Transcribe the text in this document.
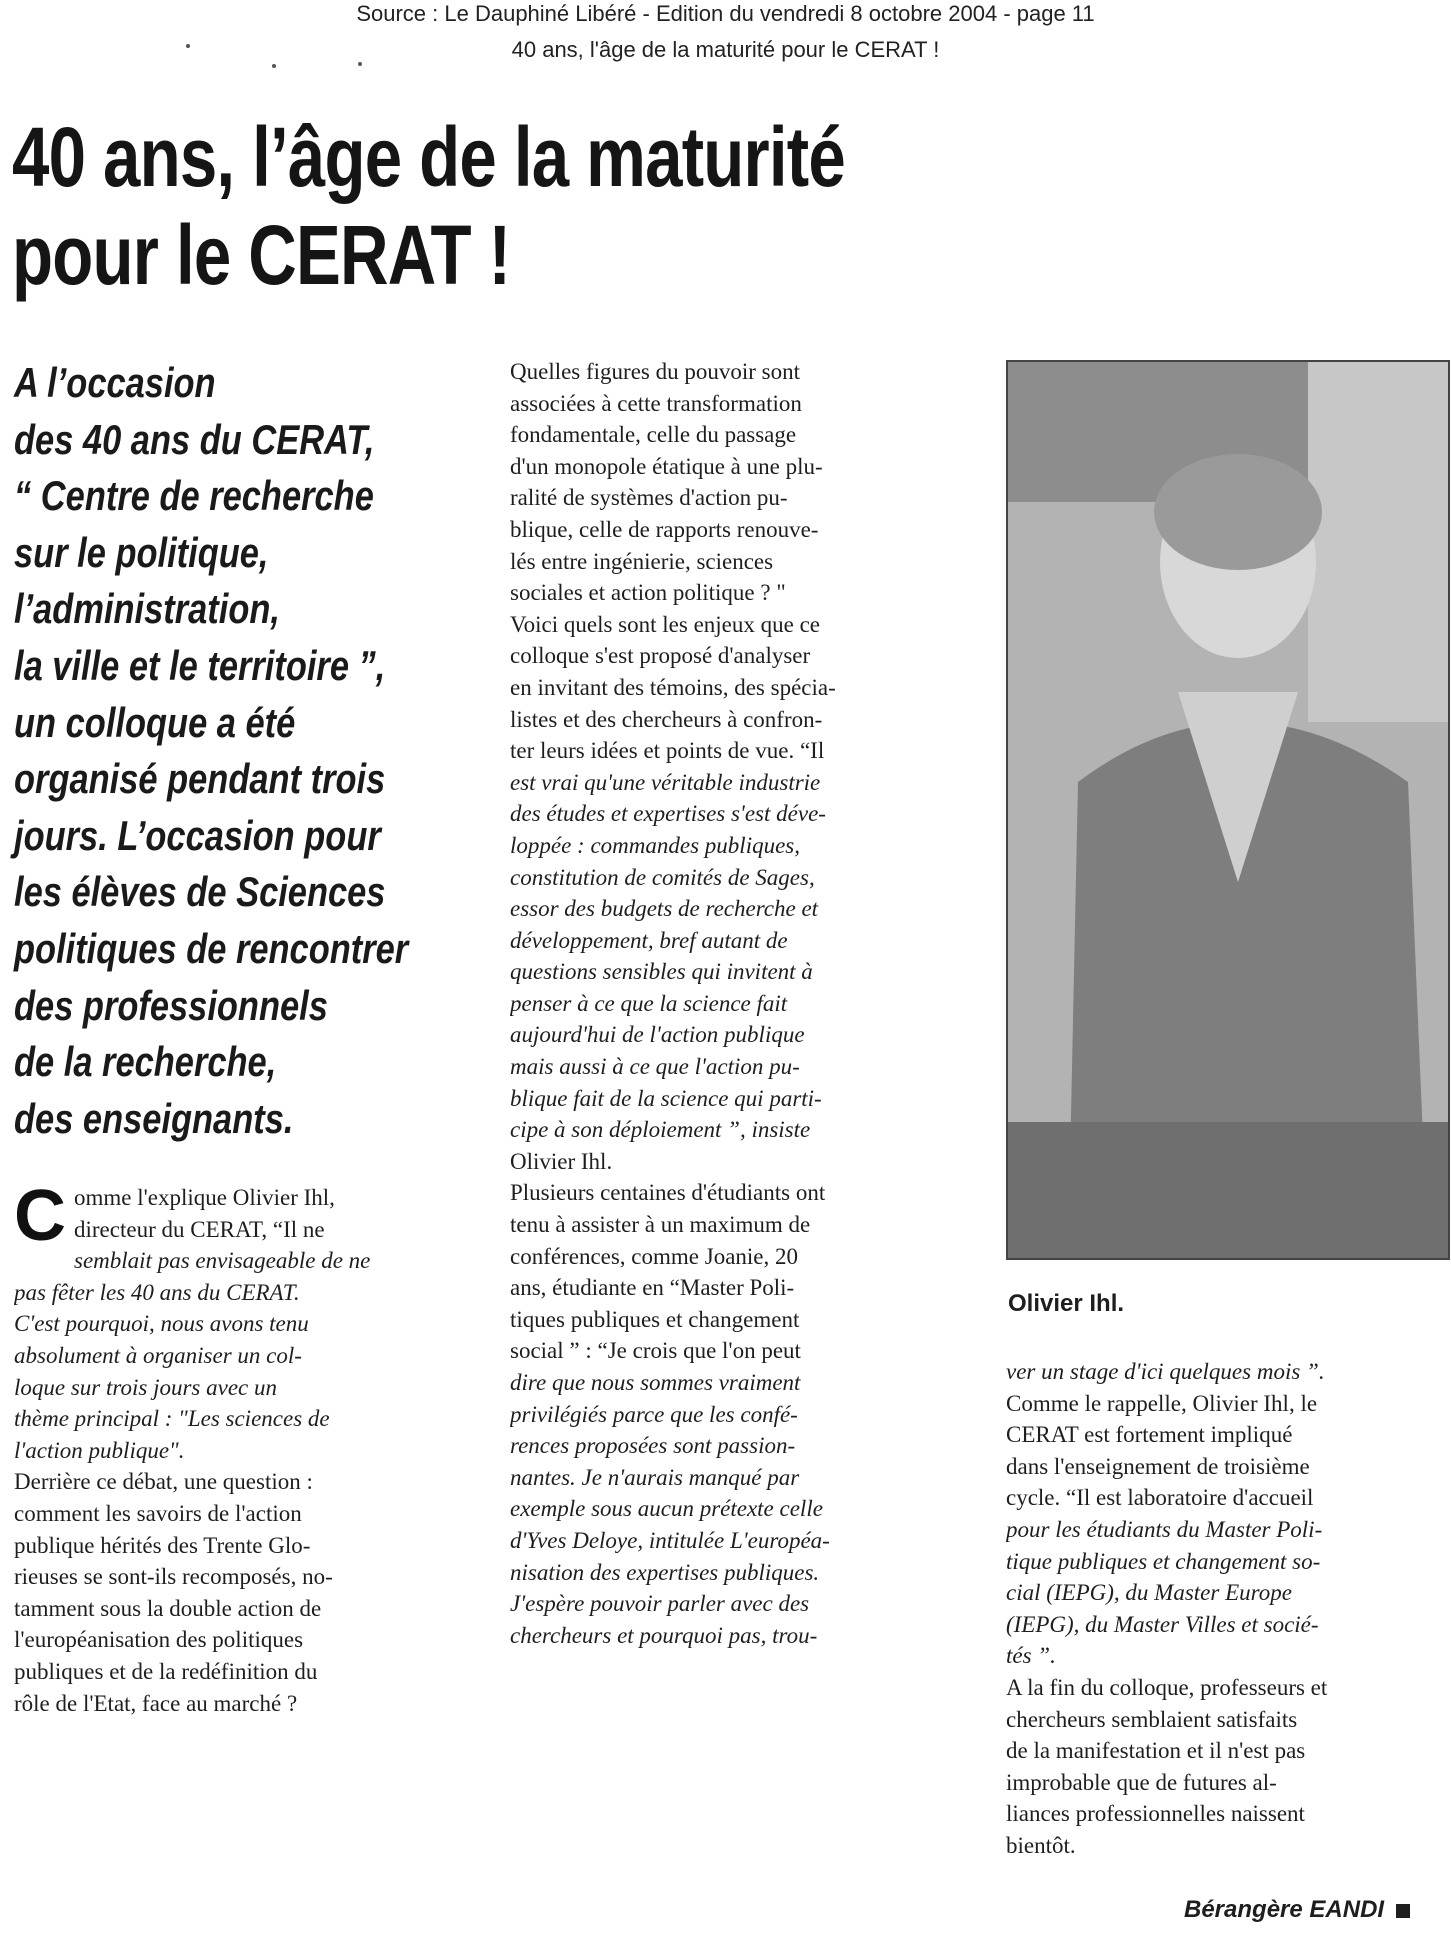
Source : Le Dauphiné Libéré - Edition du vendredi 8 octobre 2004 - page 11
40 ans, l'âge de la maturité pour le CERAT !
40 ans, l’âge de la maturité
pour le CERAT !
A l’occasion
des 40 ans du CERAT,
“ Centre de recherche
sur le politique,
l’administration,
la ville et le territoire ”,
un colloque a été
organisé pendant trois
jours. L’occasion pour
les élèves de Sciences
politiques de rencontrer
des professionnels
de la recherche,
des enseignants.
C omme l'explique Olivier Ihl,
directeur du CERAT, “Il ne
semblait pas envisageable de ne
pas fêter les 40 ans du CERAT.
C'est pourquoi, nous avons tenu
absolument à organiser un col-
loque sur trois jours avec un
thème principal : "Les sciences de
l'action publique".
Derrière ce débat, une question :
comment les savoirs de l'action
publique hérités des Trente Glo-
rieuses se sont-ils recomposés, no-
tamment sous la double action de
l'européanisation des politiques
publiques et de la redéfinition du
rôle de l'Etat, face au marché ?
Quelles figures du pouvoir sont
associées à cette transformation
fondamentale, celle du passage
d'un monopole étatique à une plu-
ralité de systèmes d'action pu-
blique, celle de rapports renouve-
lés entre ingénierie, sciences
sociales et action politique ? "
Voici quels sont les enjeux que ce
colloque s'est proposé d'analyser
en invitant des témoins, des spécia-
listes et des chercheurs à confron-
ter leurs idées et points de vue. “Il
est vrai qu'une véritable industrie
des études et expertises s'est déve-
loppée : commandes publiques,
constitution de comités de Sages,
essor des budgets de recherche et
développement, bref autant de
questions sensibles qui invitent à
penser à ce que la science fait
aujourd'hui de l'action publique
mais aussi à ce que l'action pu-
blique fait de la science qui parti-
cipe à son déploiement ”, insiste
Olivier Ihl.
Plusieurs centaines d'étudiants ont
tenu à assister à un maximum de
conférences, comme Joanie, 20
ans, étudiante en “Master Poli-
tiques publiques et changement
social ” : “Je crois que l'on peut
dire que nous sommes vraiment
privilégiés parce que les confé-
rences proposées sont passion-
nantes. Je n'aurais manqué par
exemple sous aucun prétexte celle
d'Yves Deloye, intitulée L'européa-
nisation des expertises publiques.
J'espère pouvoir parler avec des
chercheurs et pourquoi pas, trou-
Olivier Ihl.
ver un stage d'ici quelques mois ”.
Comme le rappelle, Olivier Ihl, le
CERAT est fortement impliqué
dans l'enseignement de troisième
cycle. “Il est laboratoire d'accueil
pour les étudiants du Master Poli-
tique publiques et changement so-
cial (IEPG), du Master Europe
(IEPG), du Master Villes et socié-
tés ”.
A la fin du colloque, professeurs et
chercheurs semblaient satisfaits
de la manifestation et il n'est pas
improbable que de futures al-
liances professionnelles naissent
bientôt.
Bérangère EANDI
